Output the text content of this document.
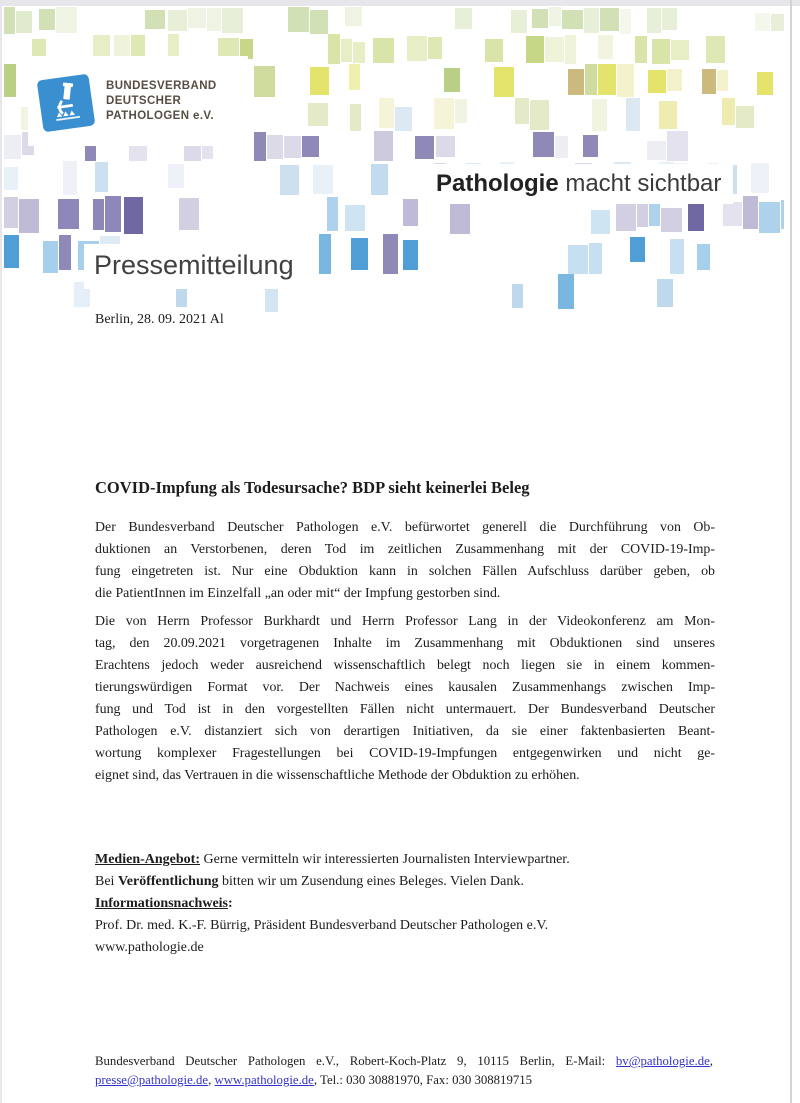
BUNDESVERBAND
DEUTSCHER
PATHOLOGEN e.V.
Pathologie macht sichtbar
Pressemitteilung
Berlin, 28. 09. 2021 Al
COVID-Impfung als Todesursache? BDP sieht keinerlei Beleg
Der Bundesverband Deutscher Pathologen e.V. befürwortet generell die Durchführung von Ob-
duktionen an Verstorbenen, deren Tod im zeitlichen Zusammenhang mit der COVID-19-Imp-
fung eingetreten ist. Nur eine Obduktion kann in solchen Fällen Aufschluss darüber geben, ob
die PatientInnen im Einzelfall „an oder mit“ der Impfung gestorben sind.
Die von Herrn Professor Burkhardt und Herrn Professor Lang in der Videokonferenz am Mon-
tag, den 20.09.2021 vorgetragenen Inhalte im Zusammenhang mit Obduktionen sind unseres
Erachtens jedoch weder ausreichend wissenschaftlich belegt noch liegen sie in einem kommen-
tierungswürdigen Format vor. Der Nachweis eines kausalen Zusammenhangs zwischen Imp-
fung und Tod ist in den vorgestellten Fällen nicht untermauert. Der Bundesverband Deutscher
Pathologen e.V. distanziert sich von derartigen Initiativen, da sie einer faktenbasierten Beant-
wortung komplexer Fragestellungen bei COVID-19-Impfungen entgegenwirken und nicht ge-
eignet sind, das Vertrauen in die wissenschaftliche Methode der Obduktion zu erhöhen.
Medien-Angebot: Gerne vermitteln wir interessierten Journalisten Interviewpartner.
Bei Veröffentlichung bitten wir um Zusendung eines Beleges. Vielen Dank.
Informationsnachweis:
Prof. Dr. med. K.-F. Bürrig, Präsident Bundesverband Deutscher Pathologen e.V.
www.pathologie.de
Bundesverband Deutscher Pathologen e.V., Robert-Koch-Platz 9, 10115 Berlin, E-Mail: bv@pathologie.de,
presse@pathologie.de, www.pathologie.de, Tel.: 030 30881970, Fax: 030 308819715
